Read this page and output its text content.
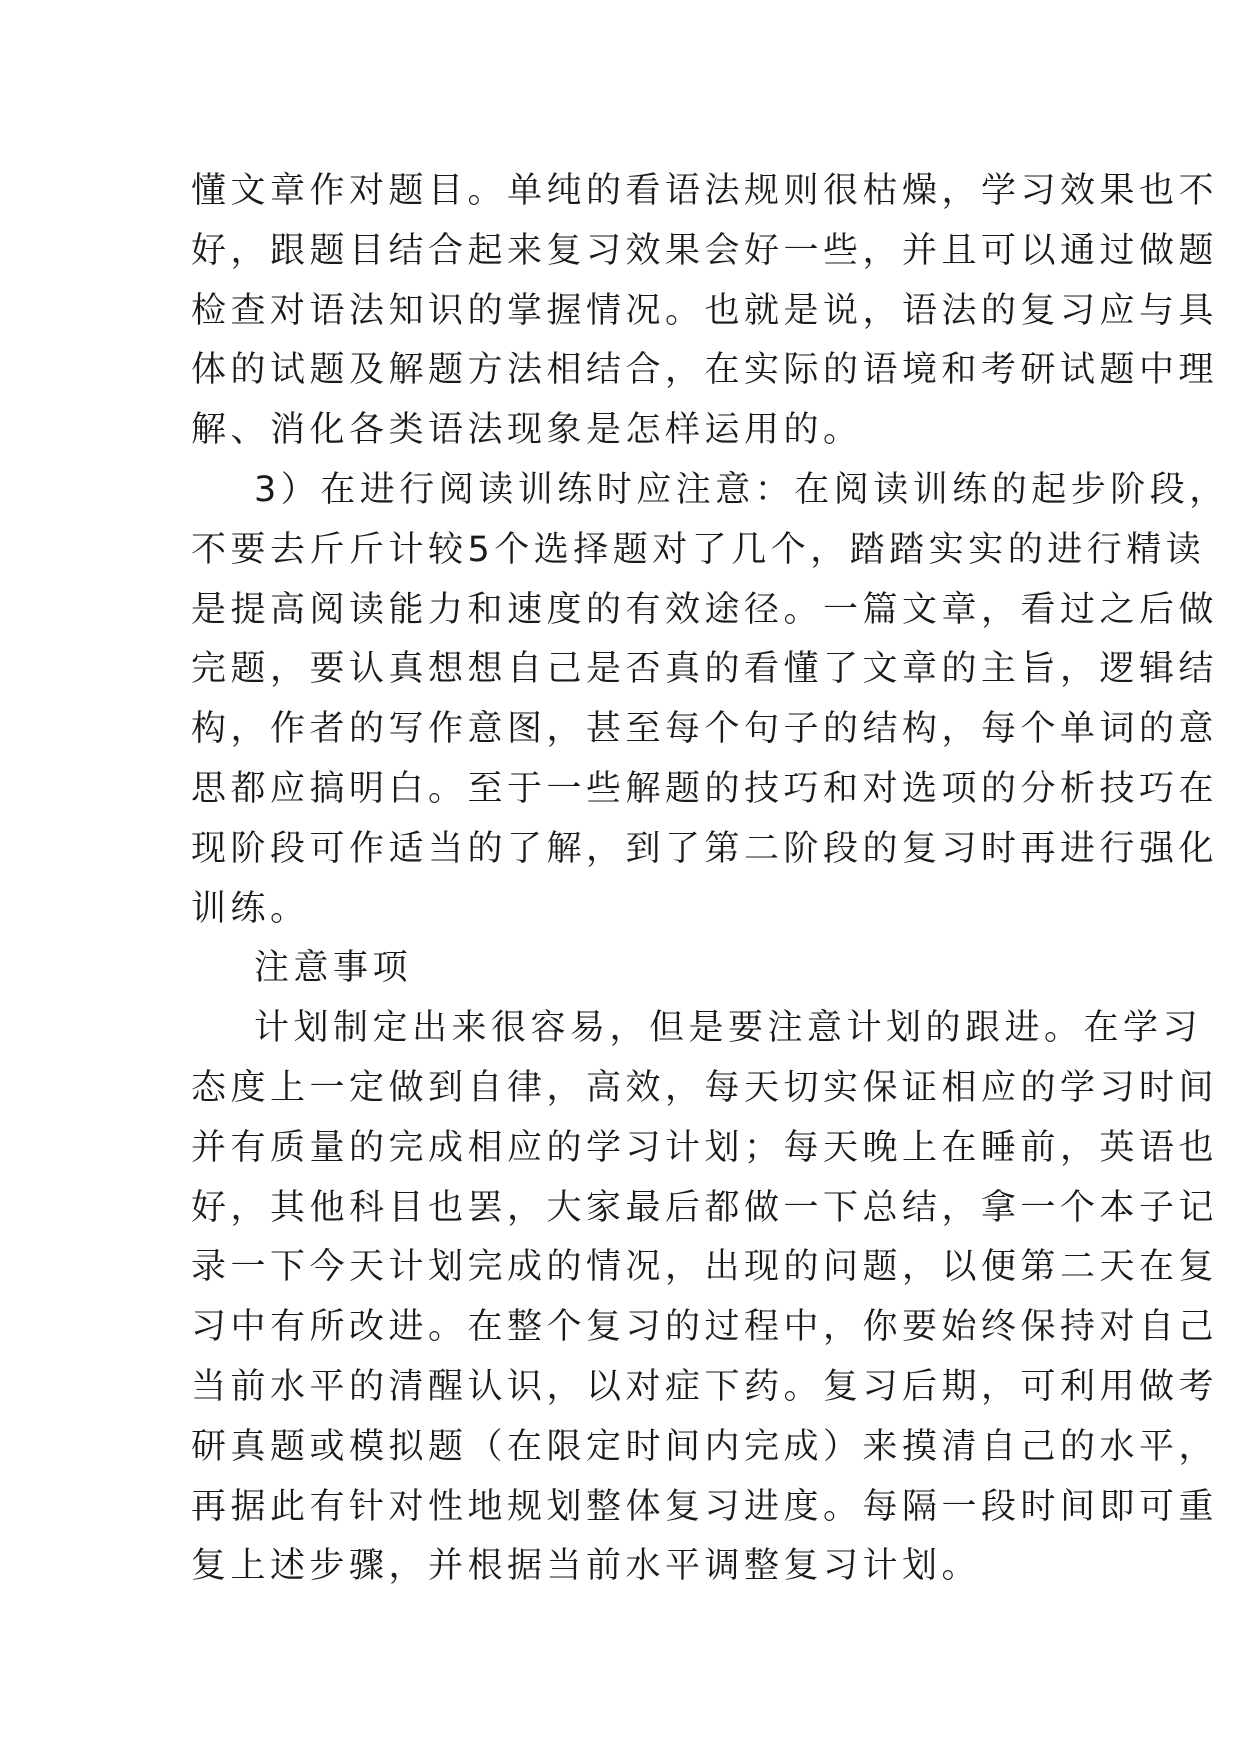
懂文章作对题目。单纯的看语法规则很枯燥，学习效果也不
好，跟题目结合起来复习效果会好一些，并且可以通过做题
检查对语法知识的掌握情况。也就是说，语法的复习应与具
体的试题及解题方法相结合，在实际的语境和考研试题中理
解、消化各类语法现象是怎样运用的。
3）在进行阅读训练时应注意：在阅读训练的起步阶段，
不要去斤斤计较5个选择题对了几个，踏踏实实的进行精读
是提高阅读能力和速度的有效途径。一篇文章，看过之后做
完题，要认真想想自己是否真的看懂了文章的主旨，逻辑结
构，作者的写作意图，甚至每个句子的结构，每个单词的意
思都应搞明白。至于一些解题的技巧和对选项的分析技巧在
现阶段可作适当的了解，到了第二阶段的复习时再进行强化
训练。
注意事项
计划制定出来很容易，但是要注意计划的跟进。在学习
态度上一定做到自律，高效，每天切实保证相应的学习时间
并有质量的完成相应的学习计划；每天晚上在睡前，英语也
好，其他科目也罢，大家最后都做一下总结，拿一个本子记
录一下今天计划完成的情况，出现的问题，以便第二天在复
习中有所改进。在整个复习的过程中，你要始终保持对自己
当前水平的清醒认识，以对症下药。复习后期，可利用做考
研真题或模拟题（在限定时间内完成）来摸清自己的水平，
再据此有针对性地规划整体复习进度。每隔一段时间即可重
复上述步骤，并根据当前水平调整复习计划。
